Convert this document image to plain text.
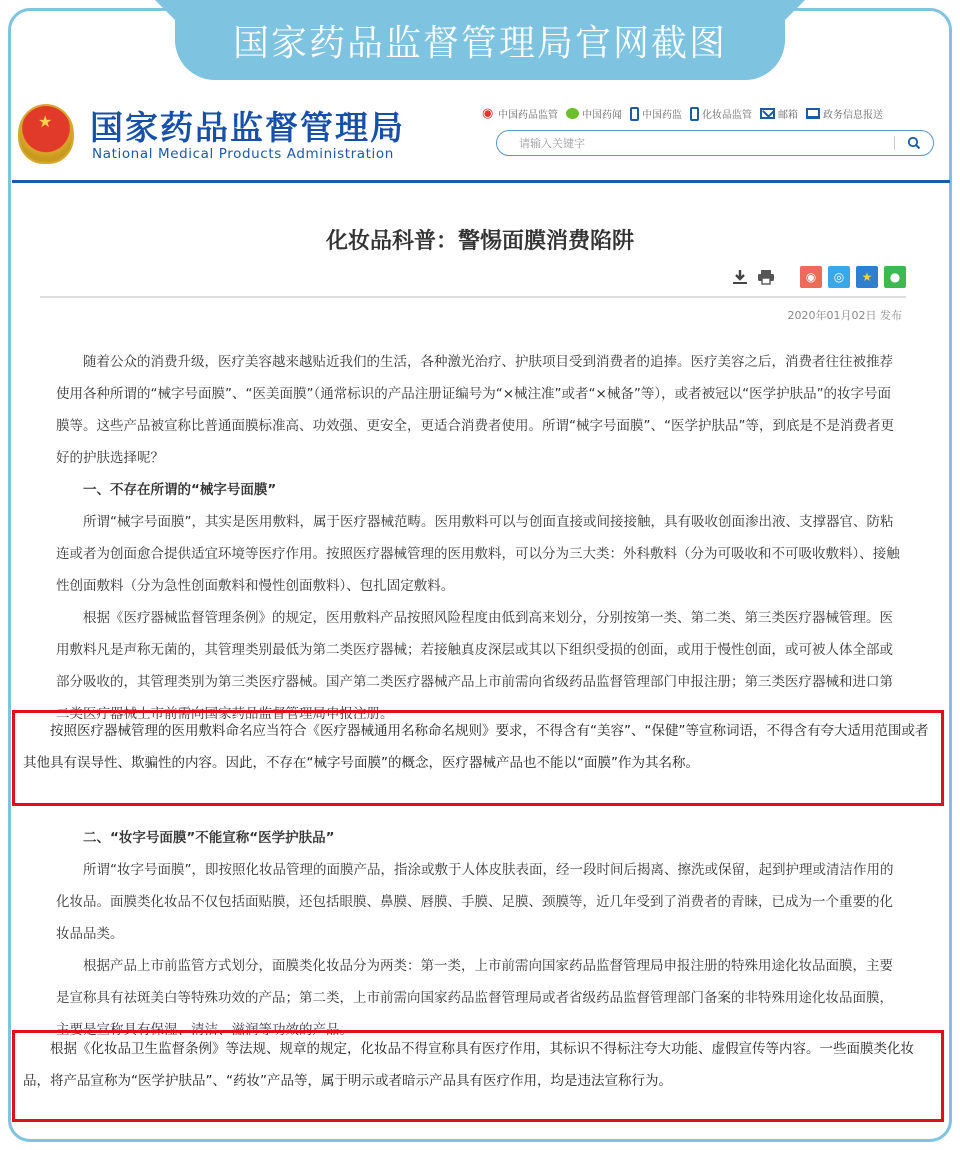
国家药品监督管理局官网截图
★
国家药品监督管理局
National Medical Products Administration
◉ 中国药品监管 中国药闻 中国药监 化妆品监管	邮箱	政务信息报送
请输入关键字
化妆品科普：警惕面膜消费陷阱
◉ ◎ ★ ●
2020年01月02日 发布

随着公众的消费升级，医疗美容越来越贴近我们的生活，各种激光治疗、护肤项目受到消费者的追捧。医疗美容之后，消费者往往被推荐使用各种所谓的“械字号面膜”、“医美面膜”（通常标识的产品注册证编号为“×械注准”或者“×械备”等），或者被冠以“医学护肤品”的妆字号面膜等。这些产品被宣称比普通面膜标准高、功效强、更安全，更适合消费者使用。所谓“械字号面膜”、“医学护肤品”等，到底是不是消费者更好的护肤选择呢？

一、不存在所谓的“械字号面膜”

所谓“械字号面膜”，其实是医用敷料，属于医疗器械范畴。医用敷料可以与创面直接或间接接触，具有吸收创面渗出液、支撑器官、防粘连或者为创面愈合提供适宜环境等医疗作用。按照医疗器械管理的医用敷料，可以分为三大类：外科敷料（分为可吸收和不可吸收敷料）、接触性创面敷料（分为急性创面敷料和慢性创面敷料）、包扎固定敷料。

根据《医疗器械监督管理条例》的规定，医用敷料产品按照风险程度由低到高来划分，分别按第一类、第二类、第三类医疗器械管理。医用敷料凡是声称无菌的，其管理类别最低为第二类医疗器械；若接触真皮深层或其以下组织受损的创面，或用于慢性创面，或可被人体全部或部分吸收的，其管理类别为第三类医疗器械。国产第二类医疗器械产品上市前需向省级药品监督管理部门申报注册；第三类医疗器械和进口第二类医疗器械上市前需向国家药品监督管理局申报注册。

按照医疗器械管理的医用敷料命名应当符合《医疗器械通用名称命名规则》要求，不得含有“美容”、“保健”等宣称词语，不得含有夸大适用范围或者其他具有误导性、欺骗性的内容。因此，不存在“械字号面膜”的概念，医疗器械产品也不能以“面膜”作为其名称。

二、“妆字号面膜”不能宣称“医学护肤品”

所谓“妆字号面膜”，即按照化妆品管理的面膜产品，指涂或敷于人体皮肤表面，经一段时间后揭离、擦洗或保留，起到护理或清洁作用的化妆品。面膜类化妆品不仅包括面贴膜，还包括眼膜、鼻膜、唇膜、手膜、足膜、颈膜等，近几年受到了消费者的青睐，已成为一个重要的化妆品品类。

根据产品上市前监管方式划分，面膜类化妆品分为两类：第一类，上市前需向国家药品监督管理局申报注册的特殊用途化妆品面膜，主要是宣称具有祛斑美白等特殊功效的产品；第二类，上市前需向国家药品监督管理局或者省级药品监督管理部门备案的非特殊用途化妆品面膜，主要是宣称具有保湿、清洁、滋润等功效的产品。

根据《化妆品卫生监督条例》等法规、规章的规定，化妆品不得宣称具有医疗作用，其标识不得标注夸大功能、虚假宣传等内容。一些面膜类化妆品，将产品宣称为“医学护肤品”、“药妆”产品等，属于明示或者暗示产品具有医疗作用，均是违法宣称行为。
